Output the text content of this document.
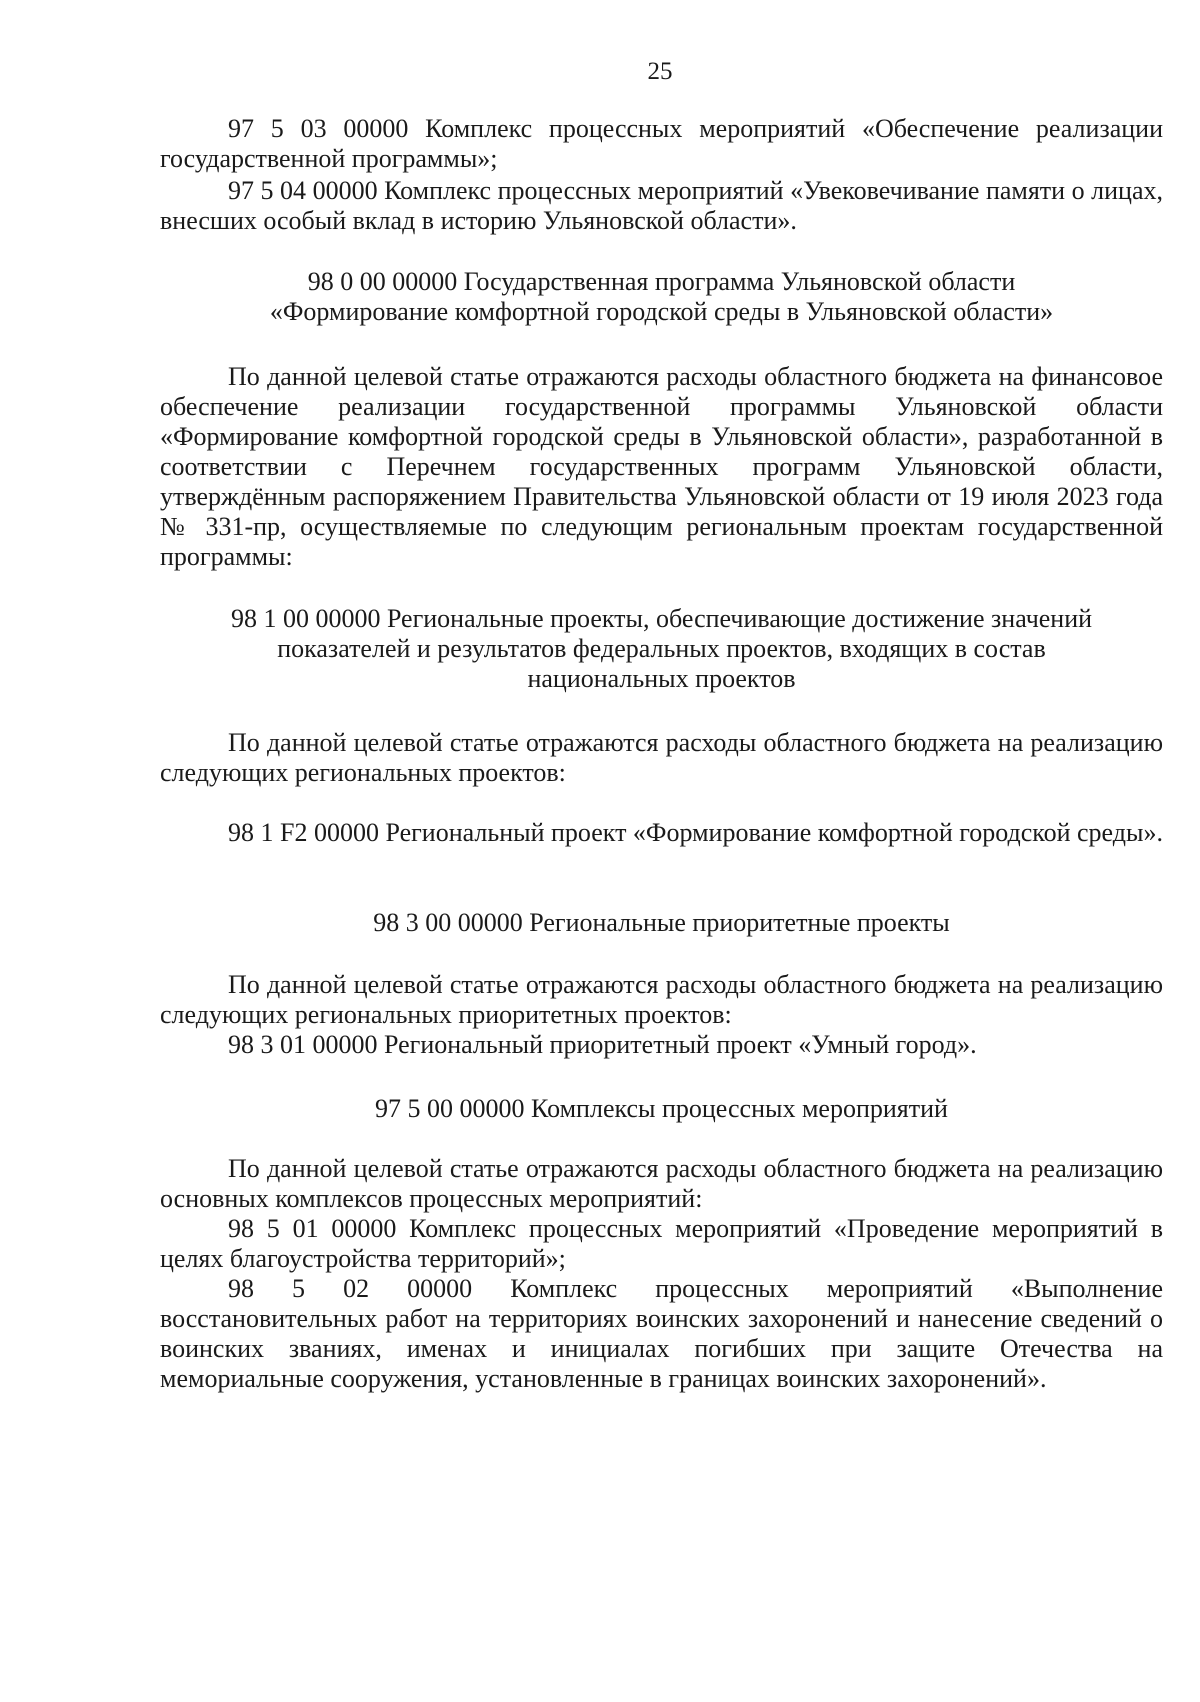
25

97 5 03 00000 Комплекс процессных мероприятий «Обеспечение реализации государственной программы»;

97 5 04 00000 Комплекс процессных мероприятий «Увековечивание памяти о лицах, внесших особый вклад в историю Ульяновской области».

98 0 00 00000 Государственная программа Ульяновской области

«Формирование комфортной городской среды в Ульяновской области»

По данной целевой статье отражаются расходы областного бюджета на финансовое обеспечение реализации государственной программы Ульяновской области «Формирование комфортной городской среды в Ульяновской области», разработанной в соответствии с Перечнем государственных программ Ульяновской области, утверждённым распоряжением Правительства Ульяновской области от 19 июля 2023 года № 331-пр, осуществляемые по следующим региональным проектам государственной программы:

98 1 00 00000 Региональные проекты, обеспечивающие достижение значений

показателей и результатов федеральных проектов, входящих в состав

национальных проектов

По данной целевой статье отражаются расходы областного бюджета на реализацию следующих региональных проектов:

98 1 F2 00000 Региональный проект «Формирование комфортной городской среды».

98 3 00 00000 Региональные приоритетные проекты

По данной целевой статье отражаются расходы областного бюджета на реализацию следующих региональных приоритетных проектов:

98 3 01 00000 Региональный приоритетный проект «Умный город».

97 5 00 00000 Комплексы процессных мероприятий

По данной целевой статье отражаются расходы областного бюджета на реализацию основных комплексов процессных мероприятий:

98 5 01 00000 Комплекс процессных мероприятий «Проведение мероприятий в целях благоустройства территорий»;

98 5 02 00000 Комплекс процессных мероприятий «Выполнение восстановительных работ на территориях воинских захоронений и нанесение сведений о воинских званиях, именах и инициалах погибших при защите Отечества на мемориальные сооружения, установленные в границах воинских захоронений».
